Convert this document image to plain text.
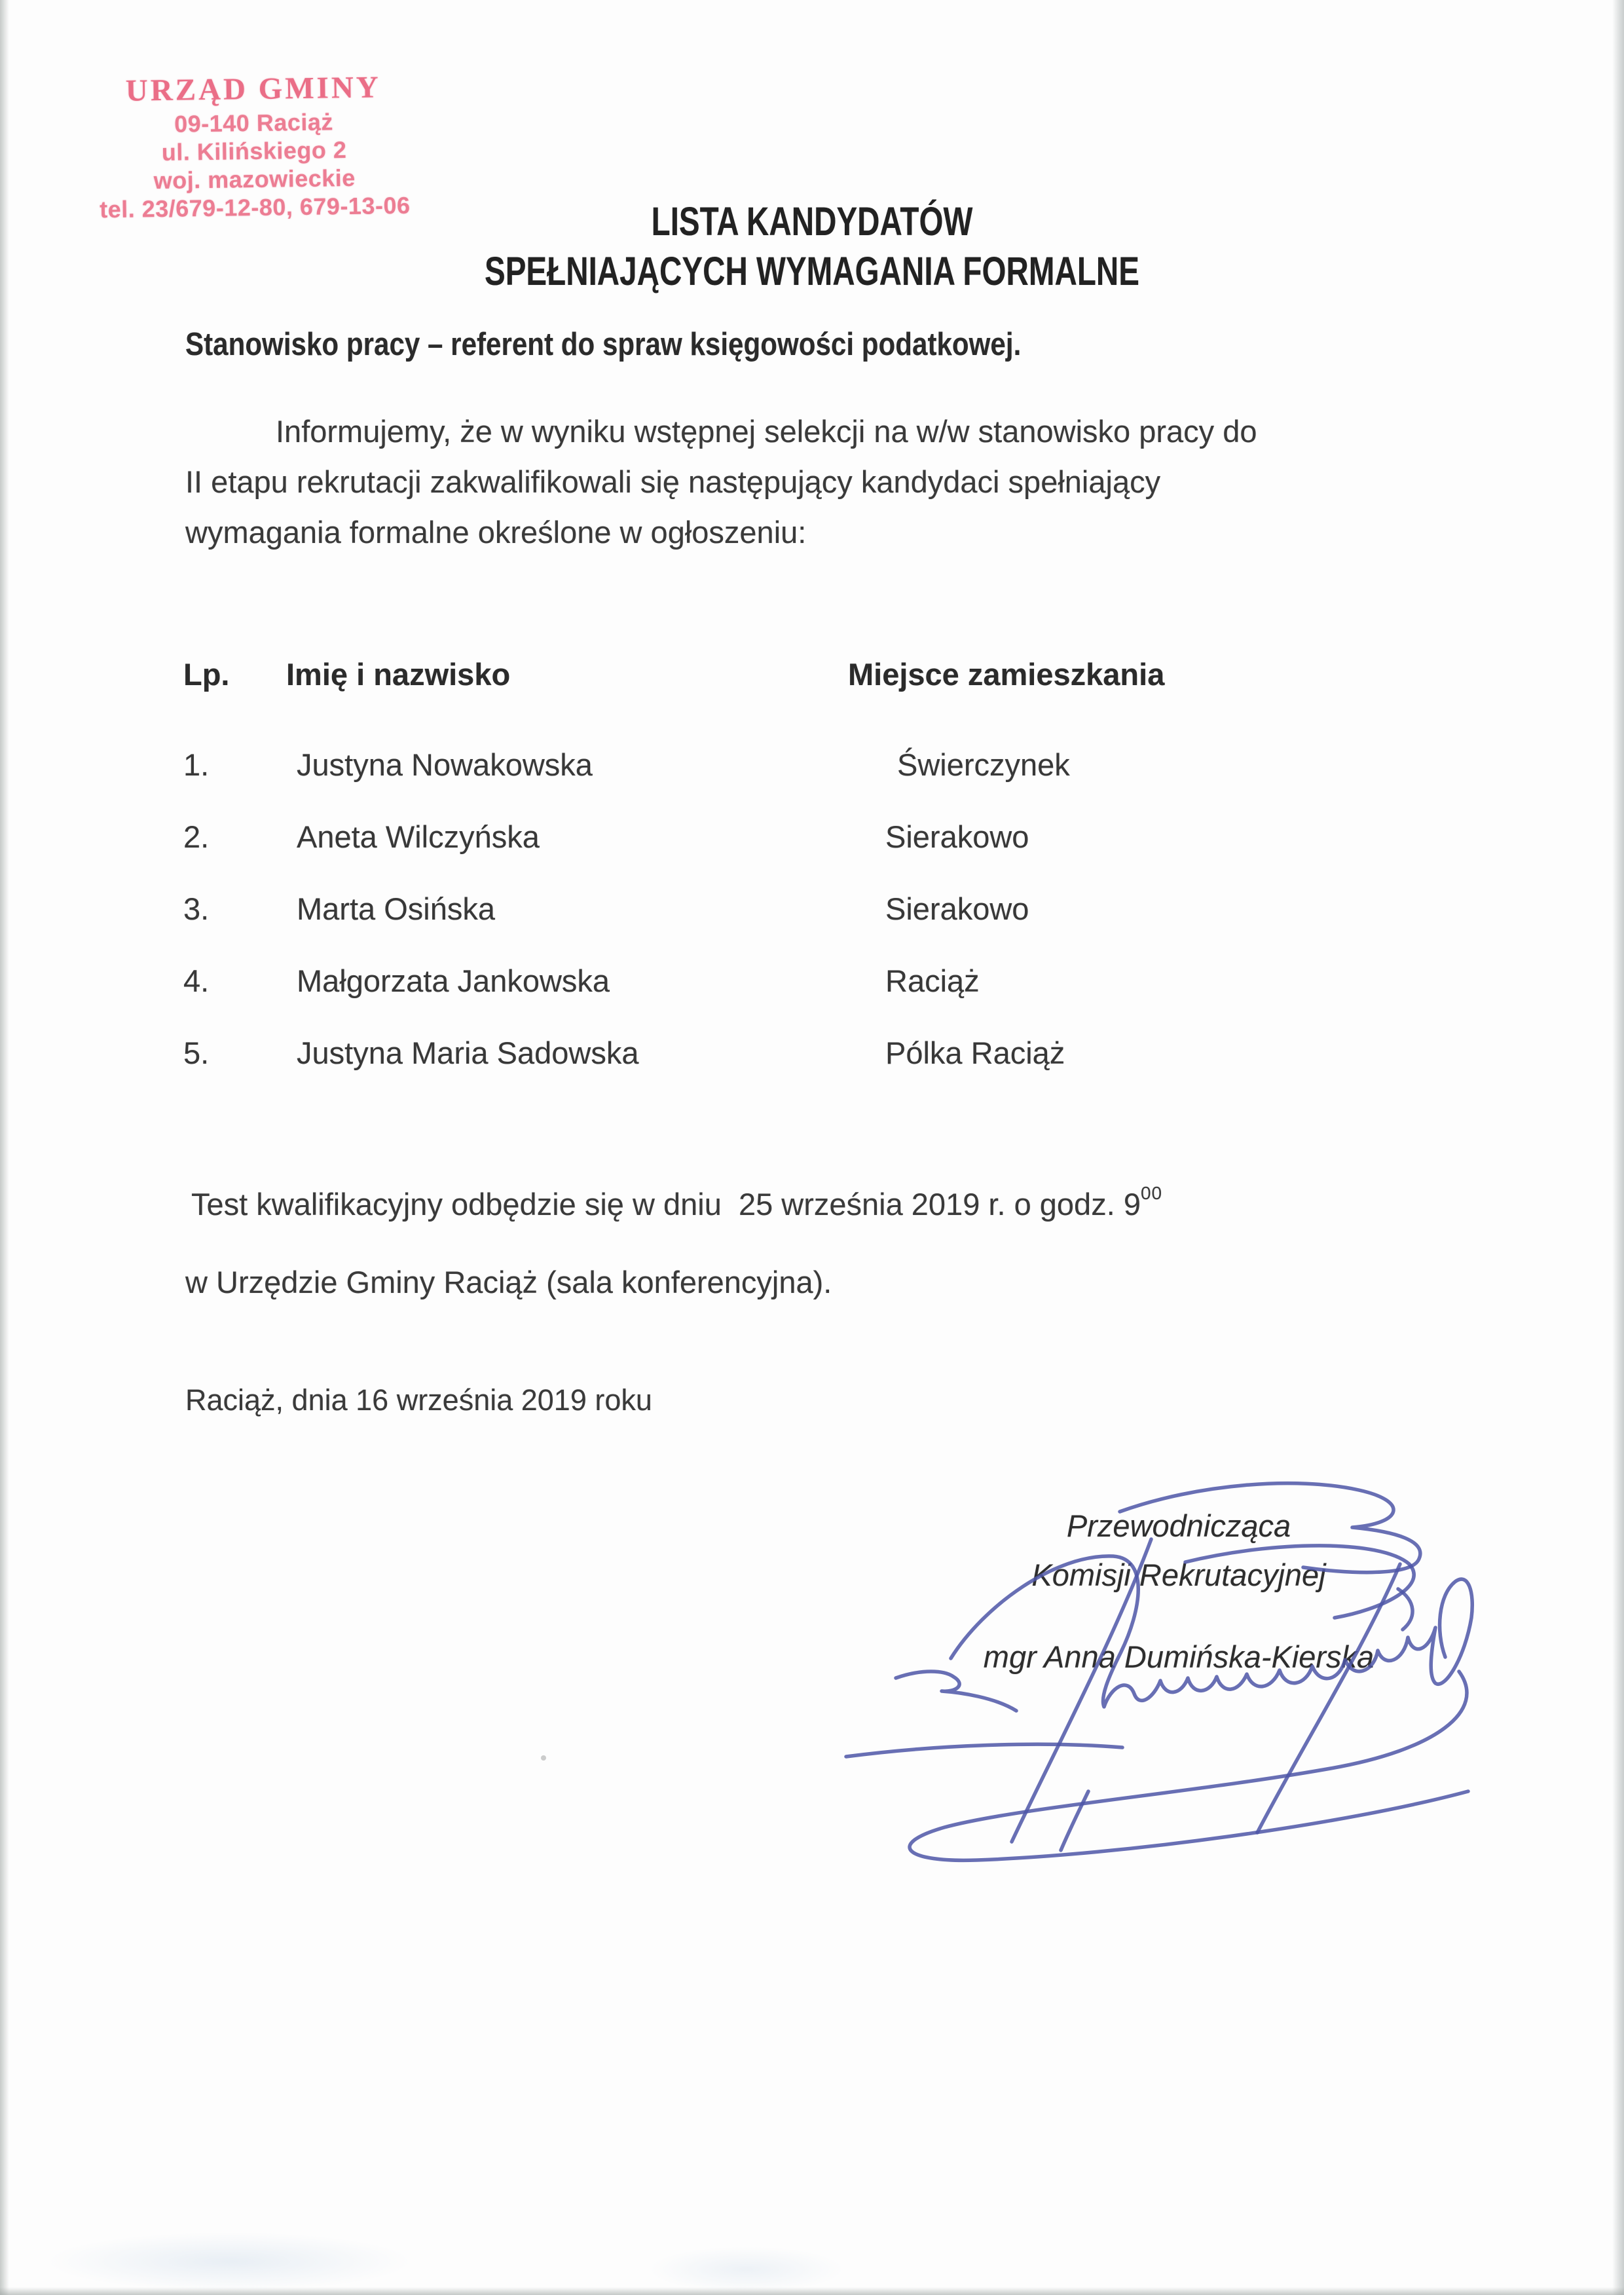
URZĄD GMINY
09-140 Raciąż
ul. Kilińskiego 2
woj. mazowieckie
tel. 23/679-12-80, 679-13-06	LISTA KANDYDATÓW
SPEŁNIAJĄCYCH WYMAGANIA FORMALNE
Stanowisko pracy – referent do spraw księgowości podatkowej.
Informujemy, że w wyniku wstępnej selekcji na w/w stanowisko pracy do
II etapu rekrutacji zakwalifikowali się następujący kandydaci spełniający
wymagania formalne określone w ogłoszeniu:
Lp. Imię i nazwisko	Miejsce zamieszkania
1.	Justyna Nowakowska	Świerczynek
2.	Aneta Wilczyńska	Sierakowo
3.	Marta Osińska	Sierakowo
4.	Małgorzata Jankowska	Raciąż
5.	Justyna Maria Sadowska	Pólka Raciąż
Test kwalifikacyjny odbędzie się w dniu  25 września 2019 r. o godz. $9^{00}$
w Urzędzie Gminy Raciąż (sala konferencyjna).
Raciąż, dnia 16 września 2019 roku
Przewodnicząca
Komisji Rekrutacyjnej
mgr Anna Dumińska-Kierska
